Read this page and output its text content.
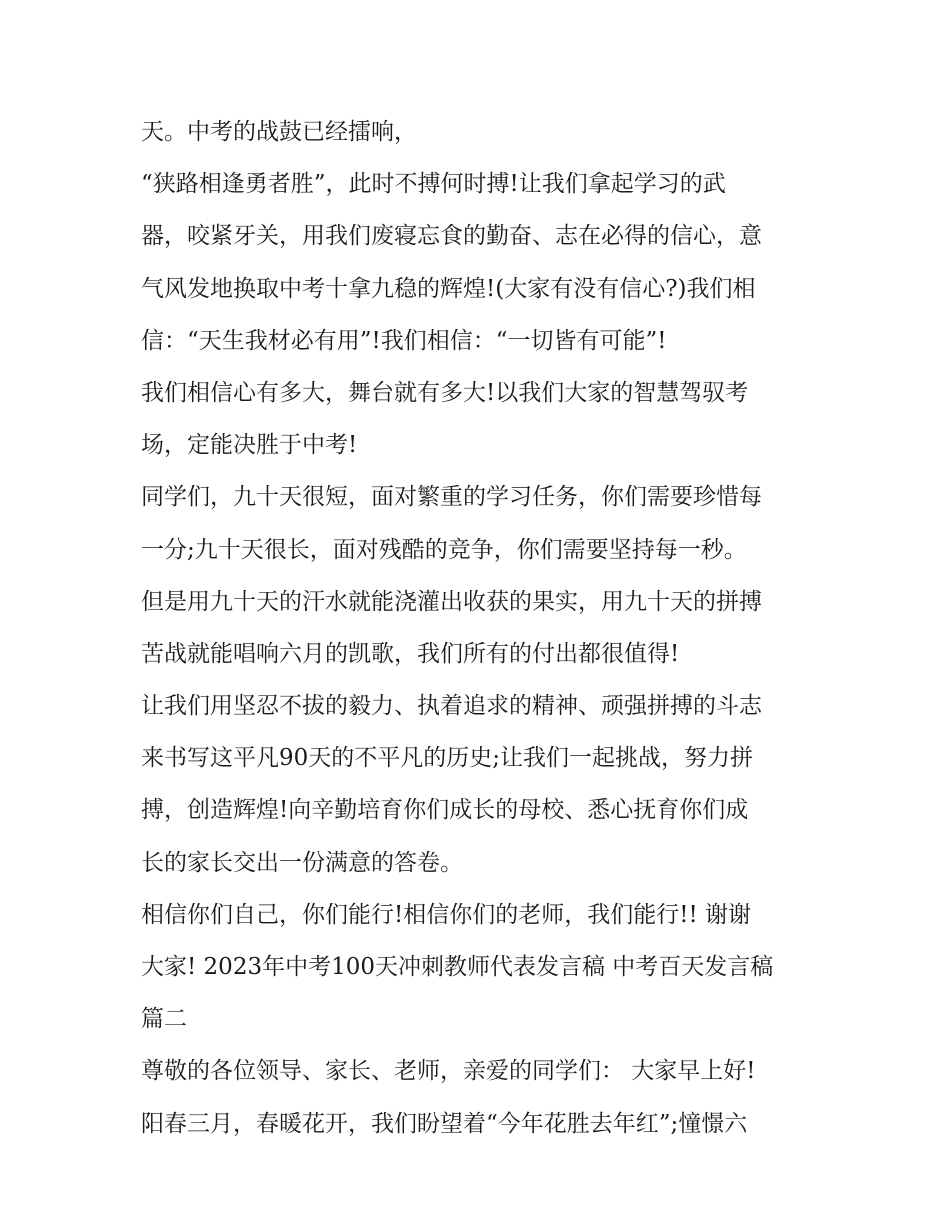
天。中考的战鼓已经擂响，
“狭路相逢勇者胜”，此时不搏何时搏!让我们拿起学习的武
器，咬紧牙关，用我们废寝忘食的勤奋、志在必得的信心，意
气风发地换取中考十拿九稳的辉煌!(大家有没有信心?)我们相
信：“天生我材必有用”!我们相信：“一切皆有可能”!
我们相信心有多大，舞台就有多大!以我们大家的智慧驾驭考
场，定能决胜于中考!
同学们，九十天很短，面对繁重的学习任务，你们需要珍惜每
一分;九十天很长，面对残酷的竞争，你们需要坚持每一秒。
但是用九十天的汗水就能浇灌出收获的果实，用九十天的拼搏
苦战就能唱响六月的凯歌，我们所有的付出都很值得!
让我们用坚忍不拔的毅力、执着追求的精神、顽强拼搏的斗志
来书写这平凡90天的不平凡的历史;让我们一起挑战，努力拼
搏，创造辉煌!向辛勤培育你们成长的母校、悉心抚育你们成
长的家长交出一份满意的答卷。
相信你们自己，你们能行!相信你们的老师，我们能行!! 谢谢
大家! 2023年中考100天冲刺教师代表发言稿 中考百天发言稿
篇二
尊敬的各位领导、家长、老师，亲爱的同学们： 大家早上好!
阳春三月，春暖花开，我们盼望着“今年花胜去年红”;憧憬六
